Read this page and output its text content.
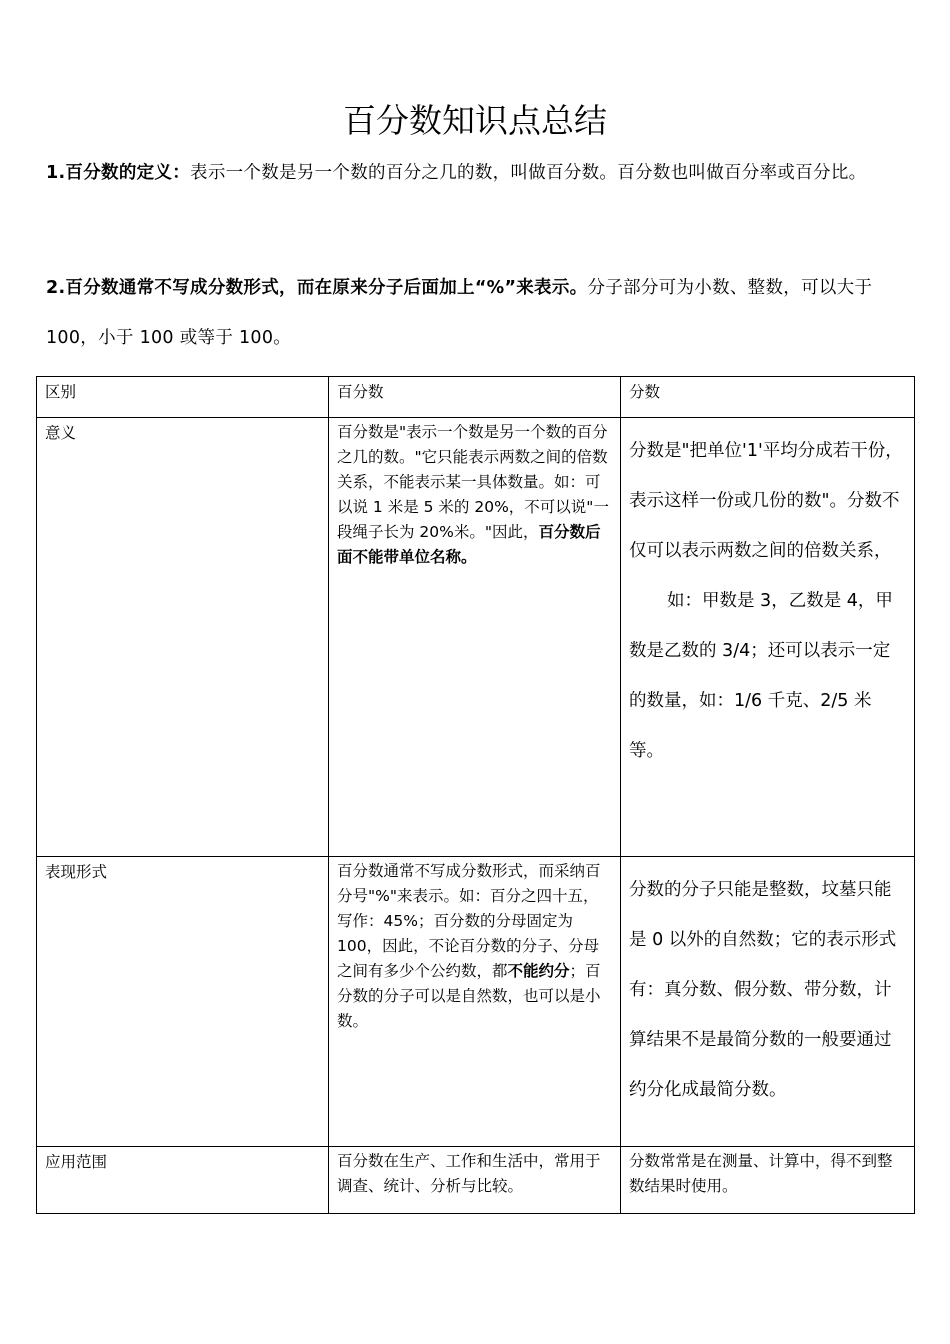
百分数知识点总结
1.百分数的定义：表示一个数是另一个数的百分之几的数，叫做百分数。百分数也叫做百分率或百分比。
2.百分数通常不写成分数形式，而在原来分子后面加上“%”来表示。分子部分可为小数、整数，可以大于 100，小于 100 或等于 100。
区别	百分数	分数

意义	百分数是"表示一个数是另一个数的百分之几的数。"它只能表示两数之间的倍数关系，不能表示某一具体数量。如：可以说 1 米是 5 米的 20%，不可以说"一段绳子长为 20%米。"因此，百分数后面不能带单位名称。	分数是"把单位'1'平均分成若干份，表示这样一份或几份的数"。分数不仅可以表示两数之间的倍数关系，
如：甲数是 3，乙数是 4，甲数是乙数的 3/4；还可以表示一定的数量，如：1/6 千克、2/5 米等。

表现形式	百分数通常不写成分数形式，而采纳百分号"%"来表示。如：百分之四十五，写作：45%；百分数的分母固定为 100，因此，不论百分数的分子、分母之间有多少个公约数，都不能约分；百分数的分子可以是自然数，也可以是小数。	分数的分子只能是整数，坟墓只能是 0 以外的自然数；它的表示形式有：真分数、假分数、带分数，计算结果不是最简分数的一般要通过约分化成最简分数。

应用范围	百分数在生产、工作和生活中，常用于调查、统计、分析与比较。	分数常常是在测量、计算中，得不到整数结果时使用。
